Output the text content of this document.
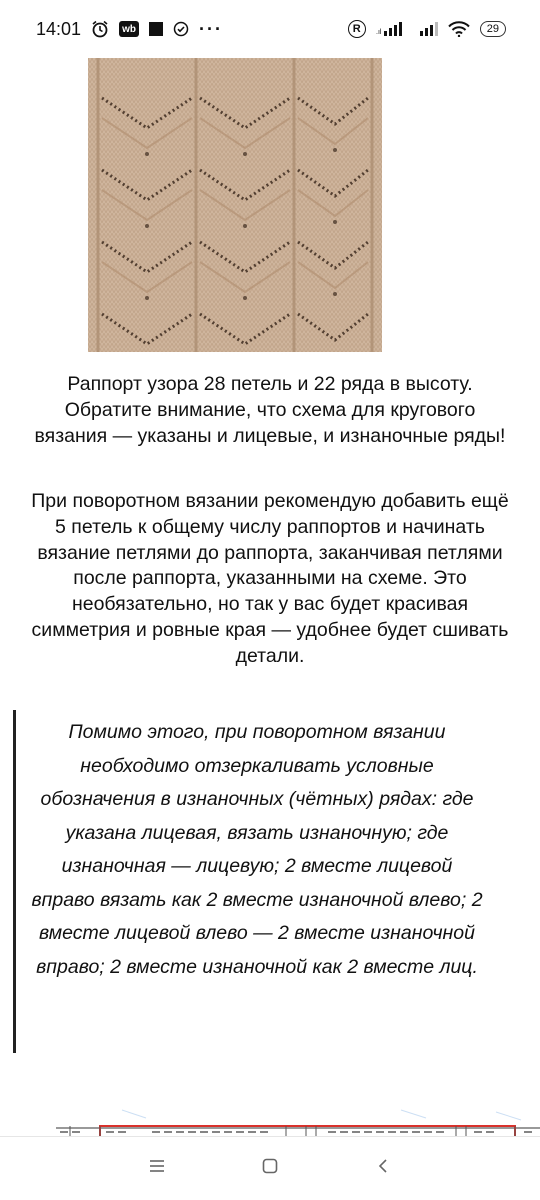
14:01	wb	···	R	.ıl	29

Раппорт узора 28 петель и 22 ряда в высоту. Обратите внимание, что схема для кругового вязания — указаны и лицевые, и изнаночные ряды!

При поворотном вязании рекомендую добавить ещё 5 петель к общему числу раппортов и начинать вязание петлями до раппорта, заканчивая петлями после раппорта, указанными на схеме. Это необязательно, но так у вас будет красивая симметрия и ровные края — удобнее будет сшивать детали.

Помимо этого, при поворотном вязании необходимо отзеркаливать условные обозначения в изнаночных (чётных) рядах: где указана лицевая, вязать изнаночную; где изнаночная — лицевую; 2 вместе лицевой вправо вязать как 2 вместе изнаночной влево; 2 вместе лицевой влево — 2 вместе изнаночной вправо; 2 вместе изнаночной как 2 вместе лиц.
